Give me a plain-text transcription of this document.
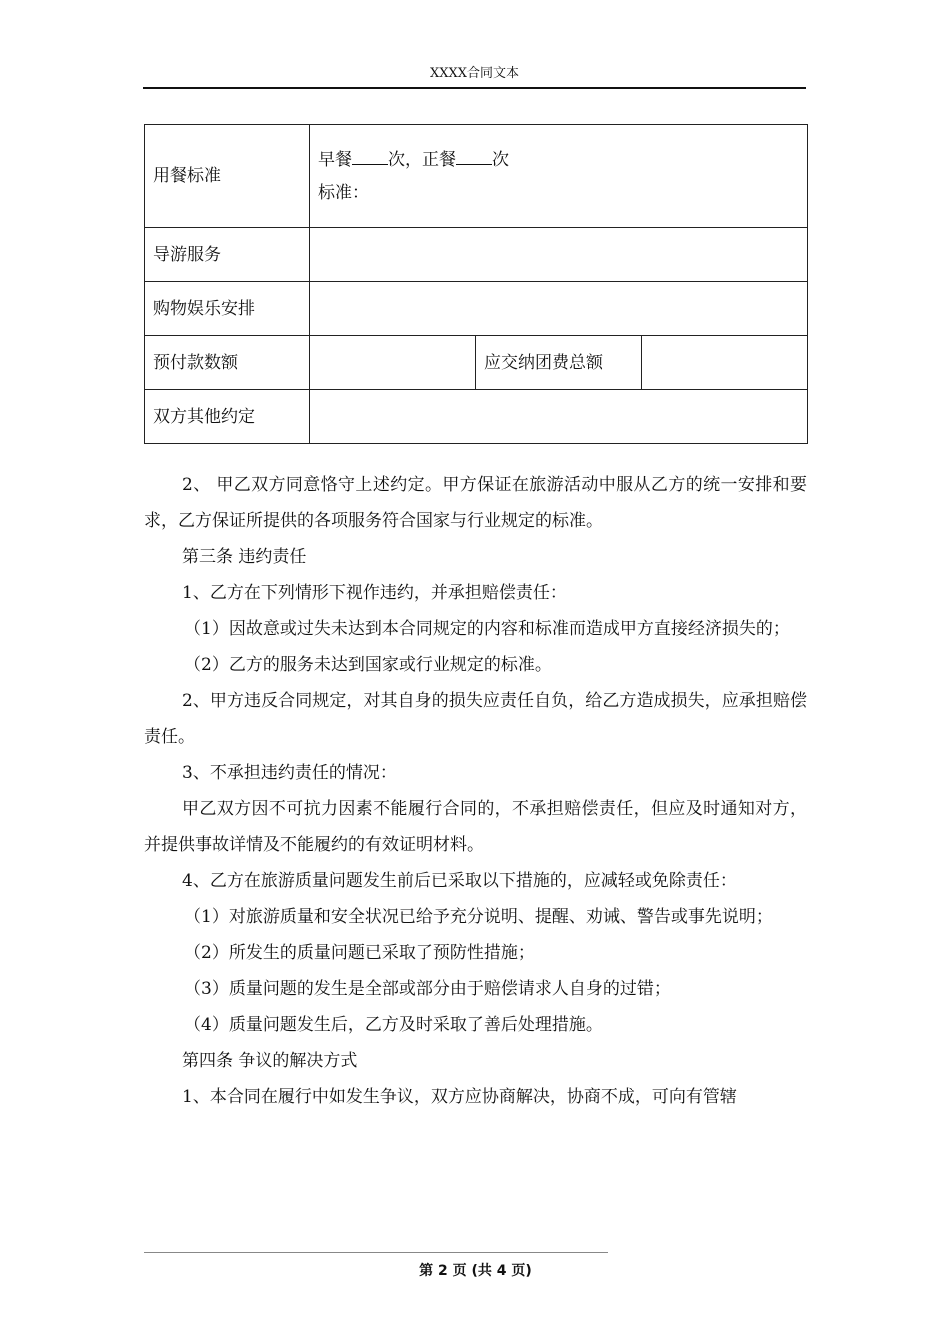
XXXX合同文本
用餐标准	早餐 次，正餐 次
标准：		

导游服务			
购物娱乐安排			
预付款数额		应交纳团费总额	
双方其他约定			

2、 甲乙双方同意恪守上述约定。甲方保证在旅游活动中服从乙方的统一安排和要求，乙方保证所提供的各项服务符合国家与行业规定的标准。

第三条 违约责任

1、乙方在下列情形下视作违约，并承担赔偿责任：

（1）因故意或过失未达到本合同规定的内容和标准而造成甲方直接经济损失的；

（2）乙方的服务未达到国家或行业规定的标准。

2、甲方违反合同规定，对其自身的损失应责任自负，给乙方造成损失，应承担赔偿责任。

3、不承担违约责任的情况：

甲乙双方因不可抗力因素不能履行合同的，不承担赔偿责任，但应及时通知对方，并提供事故详情及不能履约的有效证明材料。

4、乙方在旅游质量问题发生前后已采取以下措施的，应减轻或免除责任：

（1）对旅游质量和安全状况已给予充分说明、提醒、劝诫、警告或事先说明；

（2）所发生的质量问题已采取了预防性措施；

（3）质量问题的发生是全部或部分由于赔偿请求人自身的过错；

（4）质量问题发生后，乙方及时采取了善后处理措施。

第四条 争议的解决方式

1、本合同在履行中如发生争议，双方应协商解决，协商不成，可向有管辖

第 2 页 (共 4 页)
